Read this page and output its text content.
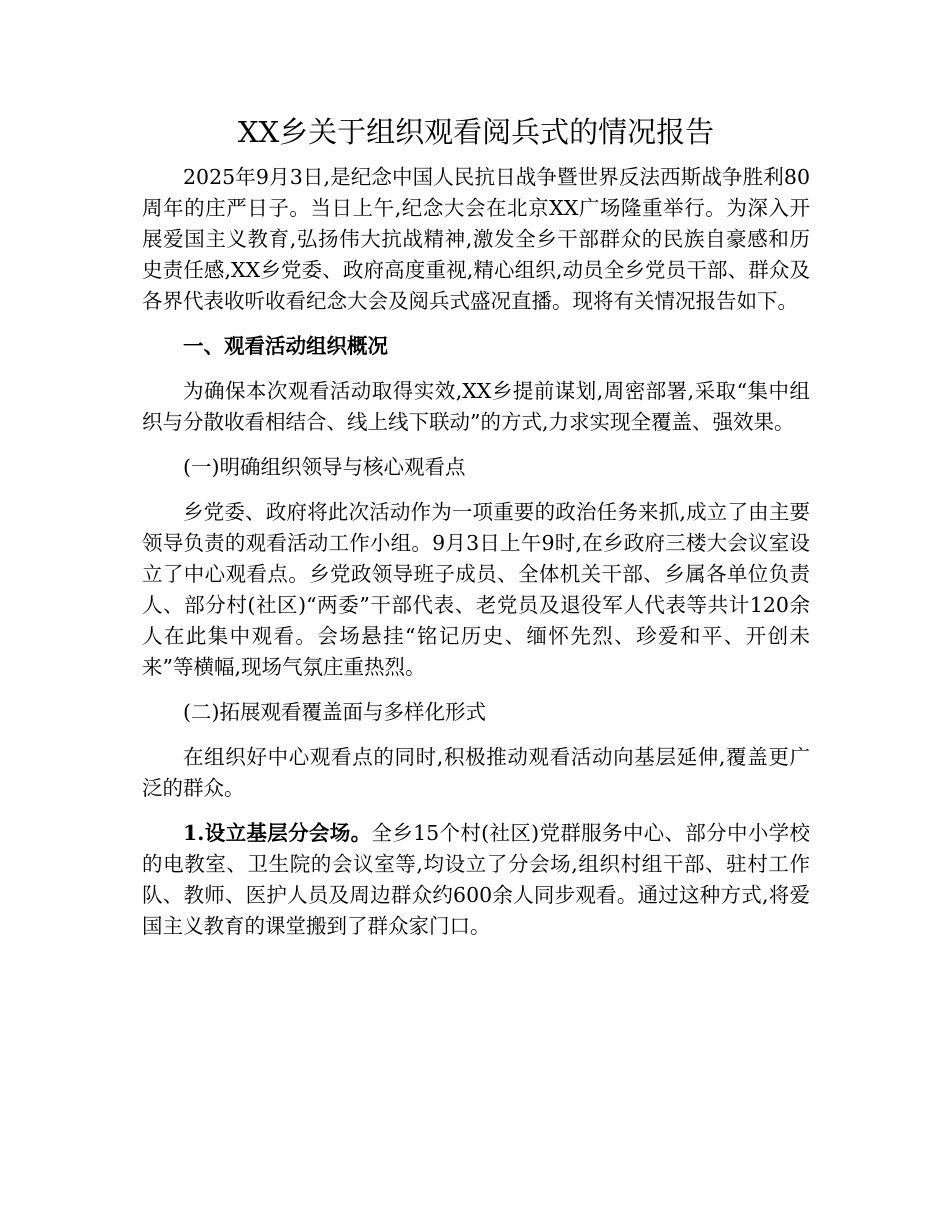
XX乡关于组织观看阅兵式的情况报告

2025年9月3日,是纪念中国人民抗日战争暨世界反法西斯战争胜利80周年的庄严日子。当日上午,纪念大会在北京XX广场隆重举行。为深入开展爱国主义教育,弘扬伟大抗战精神,激发全乡干部群众的民族自豪感和历史责任感,XX乡党委、政府高度重视,精心组织,动员全乡党员干部、群众及各界代表收听收看纪念大会及阅兵式盛况直播。现将有关情况报告如下。

一、观看活动组织概况

为确保本次观看活动取得实效,XX乡提前谋划,周密部署,采取“集中组织与分散收看相结合、线上线下联动”的方式,力求实现全覆盖、强效果。

(一)明确组织领导与核心观看点

乡党委、政府将此次活动作为一项重要的政治任务来抓,成立了由主要领导负责的观看活动工作小组。9月3日上午9时,在乡政府三楼大会议室设立了中心观看点。乡党政领导班子成员、全体机关干部、乡属各单位负责人、部分村(社区)“两委”干部代表、老党员及退役军人代表等共计120余人在此集中观看。会场悬挂“铭记历史、缅怀先烈、珍爱和平、开创未来”等横幅,现场气氛庄重热烈。

(二)拓展观看覆盖面与多样化形式

在组织好中心观看点的同时,积极推动观看活动向基层延伸,覆盖更广泛的群众。

1.设立基层分会场。全乡15个村(社区)党群服务中心、部分中小学校的电教室、卫生院的会议室等,均设立了分会场,组织村组干部、驻村工作队、教师、医护人员及周边群众约600余人同步观看。通过这种方式,将爱国主义教育的课堂搬到了群众家门口。
